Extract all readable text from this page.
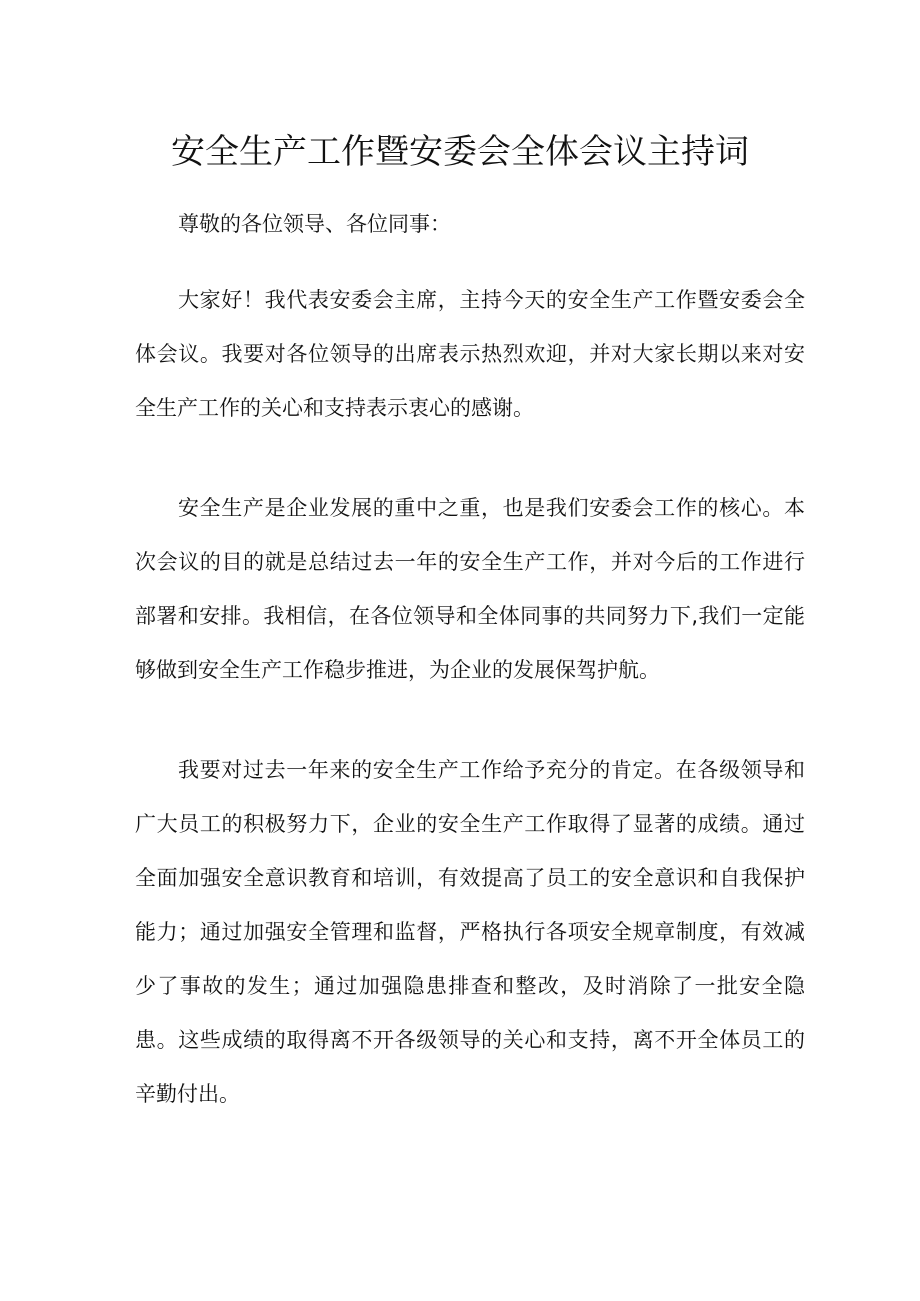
安全生产工作暨安委会全体会议主持词

尊敬的各位领导、各位同事：

大家好！我代表安委会主席，主持今天的安全生产工作暨安委会全体会议。我要对各位领导的出席表示热烈欢迎，并对大家长期以来对安全生产工作的关心和支持表示衷心的感谢。

安全生产是企业发展的重中之重，也是我们安委会工作的核心。本次会议的目的就是总结过去一年的安全生产工作，并对今后的工作进行部署和安排。我相信，在各位领导和全体同事的共同努力下,我们一定能够做到安全生产工作稳步推进，为企业的发展保驾护航。

我要对过去一年来的安全生产工作给予充分的肯定。在各级领导和广大员工的积极努力下，企业的安全生产工作取得了显著的成绩。通过全面加强安全意识教育和培训，有效提高了员工的安全意识和自我保护能力；通过加强安全管理和监督，严格执行各项安全规章制度，有效减少了事故的发生；通过加强隐患排查和整改，及时消除了一批安全隐患。这些成绩的取得离不开各级领导的关心和支持，离不开全体员工的辛勤付出。
